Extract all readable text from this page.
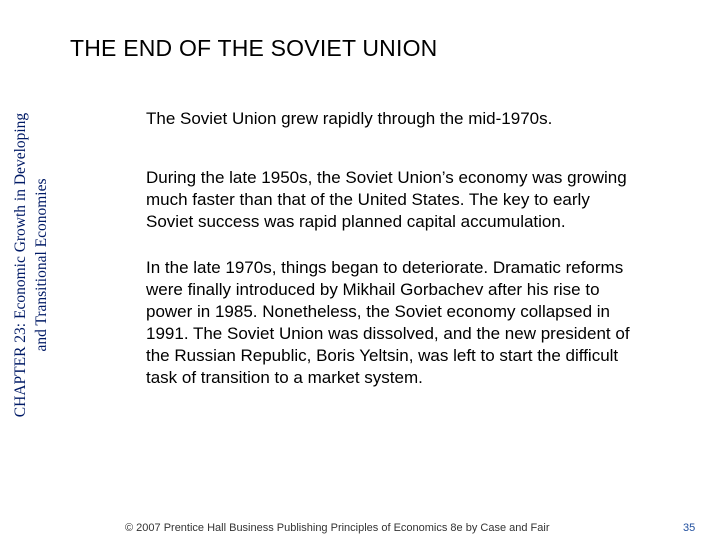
CHAPTER 23: Economic Growth in Developing and Transitional Economies
THE END OF THE SOVIET UNION

The Soviet Union grew rapidly through the mid-1970s.

During the late 1950s, the Soviet Union’s economy was growing much faster than that of the United States. The key to early Soviet success was rapid planned capital accumulation.

In the late 1970s, things began to deteriorate. Dramatic reforms were finally introduced by Mikhail Gorbachev after his rise to power in 1985. Nonetheless, the Soviet economy collapsed in 1991. The Soviet Union was dissolved, and the new president of the Russian Republic, Boris Yeltsin, was left to start the difficult task of transition to a market system.

© 2007 Prentice Hall Business Publishing Principles of Economics 8e by Case and Fair	35
